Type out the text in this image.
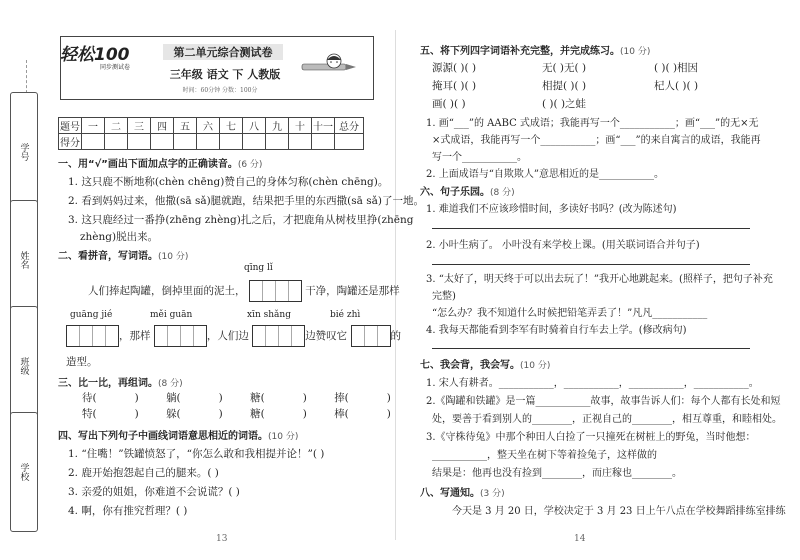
学号
姓名
班级
学校
轻松100
同步测试卷
第二单元综合测试卷
三年级 语文 下 人教版
时间：60分钟 分数：100分
题号	一	二	三	四	五	六	七	八	九	十	十一	总分
得分												
一、用“√”画出下面加点字的正确读音。(6 分)
1. 这只鹿不断地称(chèn chēng)赞自己的身体匀称(chèn chēng)。
2. 看到妈妈过来，他撒(sā sǎ)腿就跑，结果把手里的东西撒(sā sǎ)了一地。
3. 这只鹿经过一番挣(zhēng zhèng)扎之后，才把鹿角从树枝里挣(zhēng
zhèng)脱出来。
二、看拼音，写词语。(10 分)
qīng lǐ
人们捧起陶罐，倒掉里面的泥土，	干净，陶罐还是那样
guāng jié	měi guān	xīn shǎng	bié zhì
，那样	，人们边	边赞叹它	的
造型。
三、比一比，再组词。(8 分)
待(	)	躺(	)	糖(	)	捧(	)
特(	)	躲(	)	糖(	)	棒(	)
四、写出下列句子中画线词语意思相近的词语。(10 分)
1. “住嘴！”铁罐愤怒了，“你怎么敢和我相提并论！”( )
2. 鹿开始抱怨起自己的腿来。( )
3. 亲爱的姐姐，你难道不会说谎？( )
4. 啊，你有推究哲理？( )
13
五、将下列四字词语补充完整，并完成练习。(10 分)
源源( )( )	无( )无( )	( )( )相因
掩耳( )( )	相提( )( )	杞人( )( )
画( )( )	( )( )之蛙
1. 画“___”的 AABC 式成语；我能再写一个___________；画“___”的无×无
×式成语，我能再写一个___________；画“___”的来自寓言的成语，我能再
写一个___________。
2. 上面成语与“自欺欺人”意思相近的是___________。
六、句子乐园。(8 分)
1. 难道我们不应该珍惜时间，多读好书吗？(改为陈述句)
2. 小叶生病了。 小叶没有来学校上课。(用关联词语合并句子)
3. “太好了，明天终于可以出去玩了！”我开心地跳起来。(照样子，把句子补充
完整)
“怎么办？我不知道什么时候把铅笔弄丢了！”凡凡___________
4. 我每天都能看到李军有时骑着自行车去上学。(修改病句)
七、我会背，我会写。(10 分)
1. 宋人有耕者。___________，___________，___________，___________。
2.《陶罐和铁罐》是一篇___________故事，故事告诉人们：每个人都有长处和短
处，要善于看到别人的________，正视自己的________，相互尊重，和睦相处。
3.《守株待兔》中那个种田人白捡了一只撞死在树桩上的野兔，当时他想：
___________，整天坐在树下等着捡兔子，这样做的
结果是：他再也没有捡到________，而庄稼也________。
八、写通知。(3 分)
今天是 3 月 20 日，学校决定于 3 月 23 日上午八点在学校舞蹈排练室排练
14
